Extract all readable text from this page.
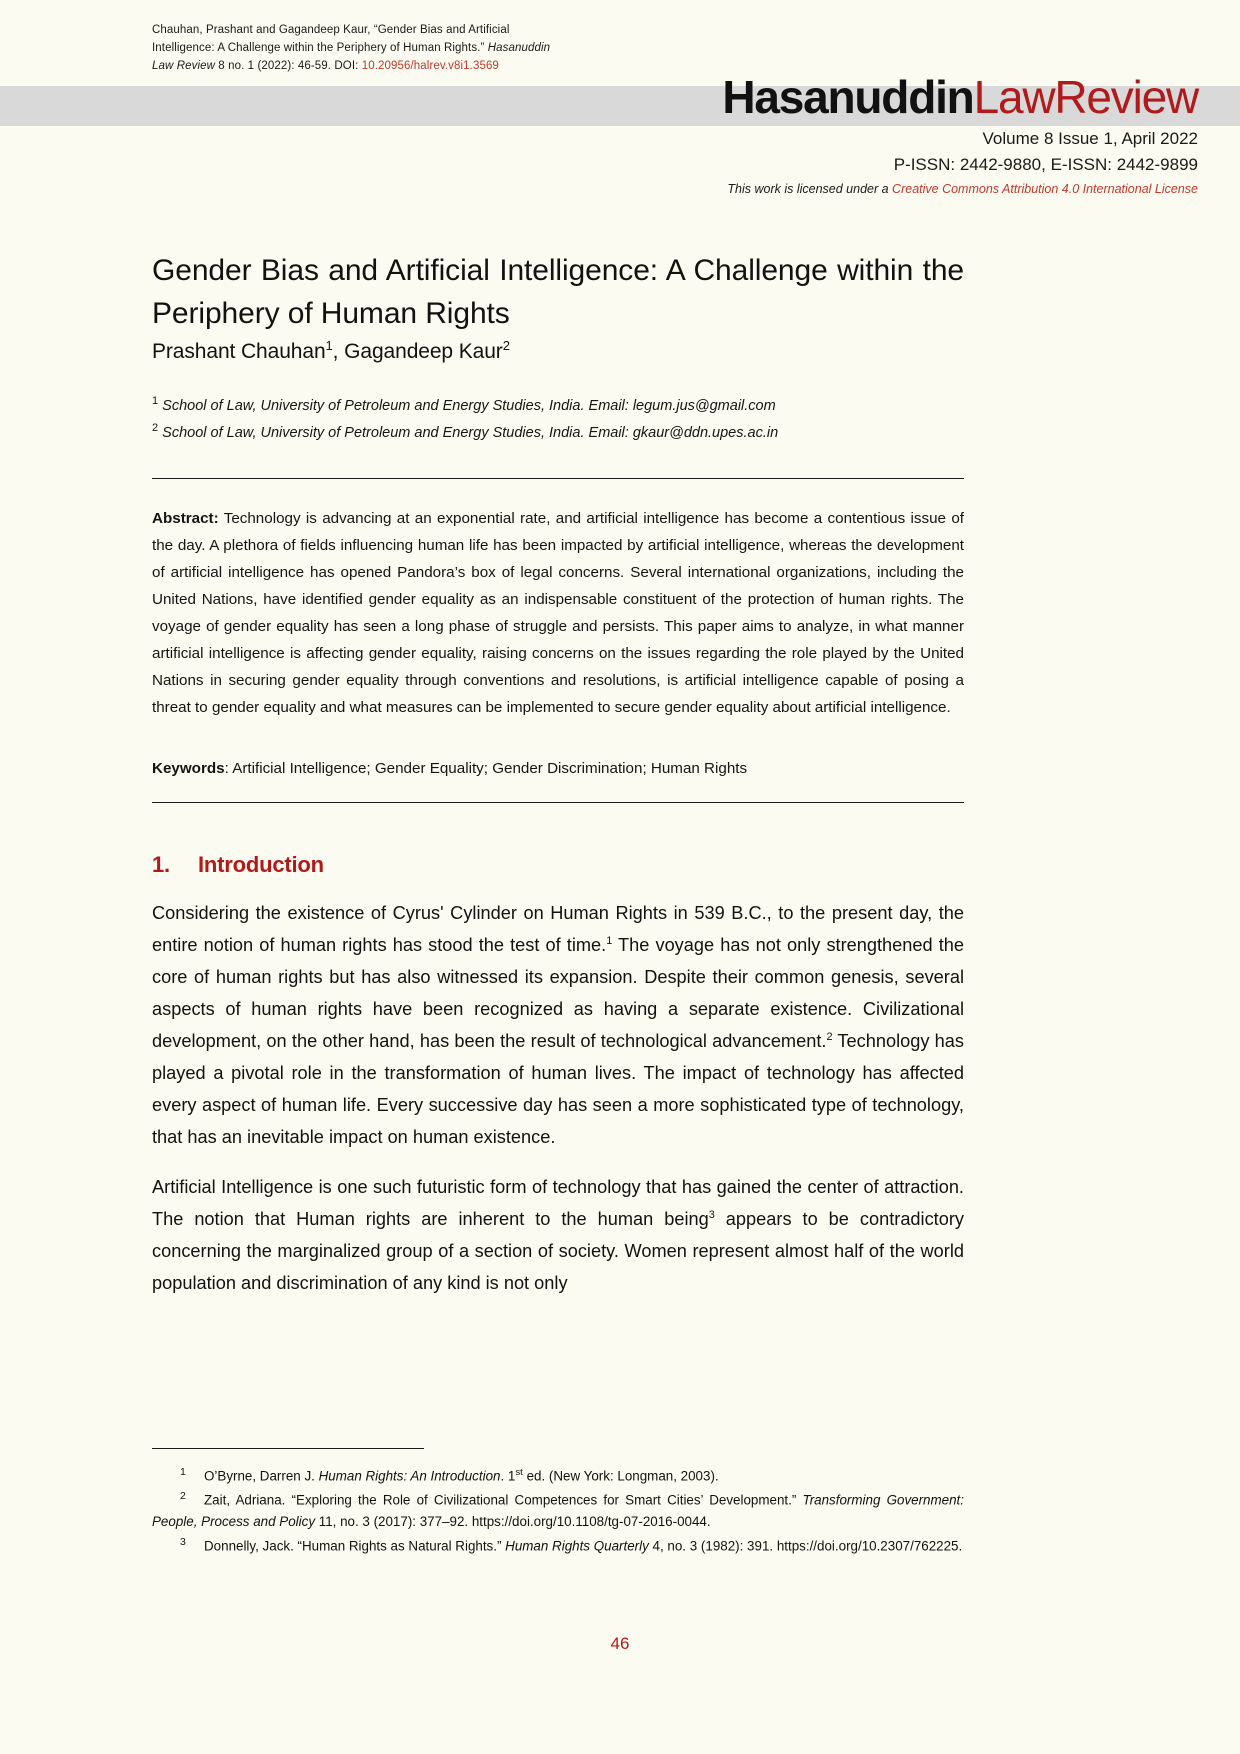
Chauhan, Prashant and Gagandeep Kaur, “Gender Bias and Artificial
Intelligence: A Challenge within the Periphery of Human Rights.” Hasanuddin
Law Review 8 no. 1 (2022): 46-59. DOI: 10.20956/halrev.v8i1.3569
HasanuddinLawReview
Volume 8 Issue 1, April 2022
P-ISSN: 2442-9880, E-ISSN: 2442-9899
This work is licensed under a Creative Commons Attribution 4.0 International License
Gender Bias and Artificial Intelligence: A Challenge within the Periphery of Human Rights
Prashant Chauhan$^1$, Gagandeep Kaur$^2$
$^1$ School of Law, University of Petroleum and Energy Studies, India. Email: legum.jus@gmail.com
$^2$ School of Law, University of Petroleum and Energy Studies, India. Email: gkaur@ddn.upes.ac.in
Abstract: Technology is advancing at an exponential rate, and artificial intelligence has become a contentious issue of the day. A plethora of fields influencing human life has been impacted by artificial intelligence, whereas the development of artificial intelligence has opened Pandora’s box of legal concerns. Several international organizations, including the United Nations, have identified gender equality as an indispensable constituent of the protection of human rights. The voyage of gender equality has seen a long phase of struggle and persists. This paper aims to analyze, in what manner artificial intelligence is affecting gender equality, raising concerns on the issues regarding the role played by the United Nations in securing gender equality through conventions and resolutions, is artificial intelligence capable of posing a threat to gender equality and what measures can be implemented to secure gender equality about artificial intelligence.
Keywords: Artificial Intelligence; Gender Equality; Gender Discrimination; Human Rights
1. Introduction

Considering the existence of Cyrus' Cylinder on Human Rights in 539 B.C., to the present day, the entire notion of human rights has stood the test of time.$^1$ The voyage has not only strengthened the core of human rights but has also witnessed its expansion. Despite their common genesis, several aspects of human rights have been recognized as having a separate existence. Civilizational development, on the other hand, has been the result of technological advancement.$^2$ Technology has played a pivotal role in the transformation of human lives. The impact of technology has affected every aspect of human life. Every successive day has seen a more sophisticated type of technology, that has an inevitable impact on human existence.

Artificial Intelligence is one such futuristic form of technology that has gained the center of attraction. The notion that Human rights are inherent to the human being$^3$ appears to be contradictory concerning the marginalized group of a section of society. Women represent almost half of the world population and discrimination of any kind is not only

1 O’Byrne, Darren J. Human Rights: An Introduction. 1st ed. (New York: Longman, 2003).

2 Zait, Adriana. “Exploring the Role of Civilizational Competences for Smart Cities’ Development.” Transforming Government: People, Process and Policy 11, no. 3 (2017): 377–92. https://doi.org/10.1108/tg-07-2016-0044.

3 Donnelly, Jack. “Human Rights as Natural Rights.” Human Rights Quarterly 4, no. 3 (1982): 391. https://doi.org/10.2307/762225.

46
